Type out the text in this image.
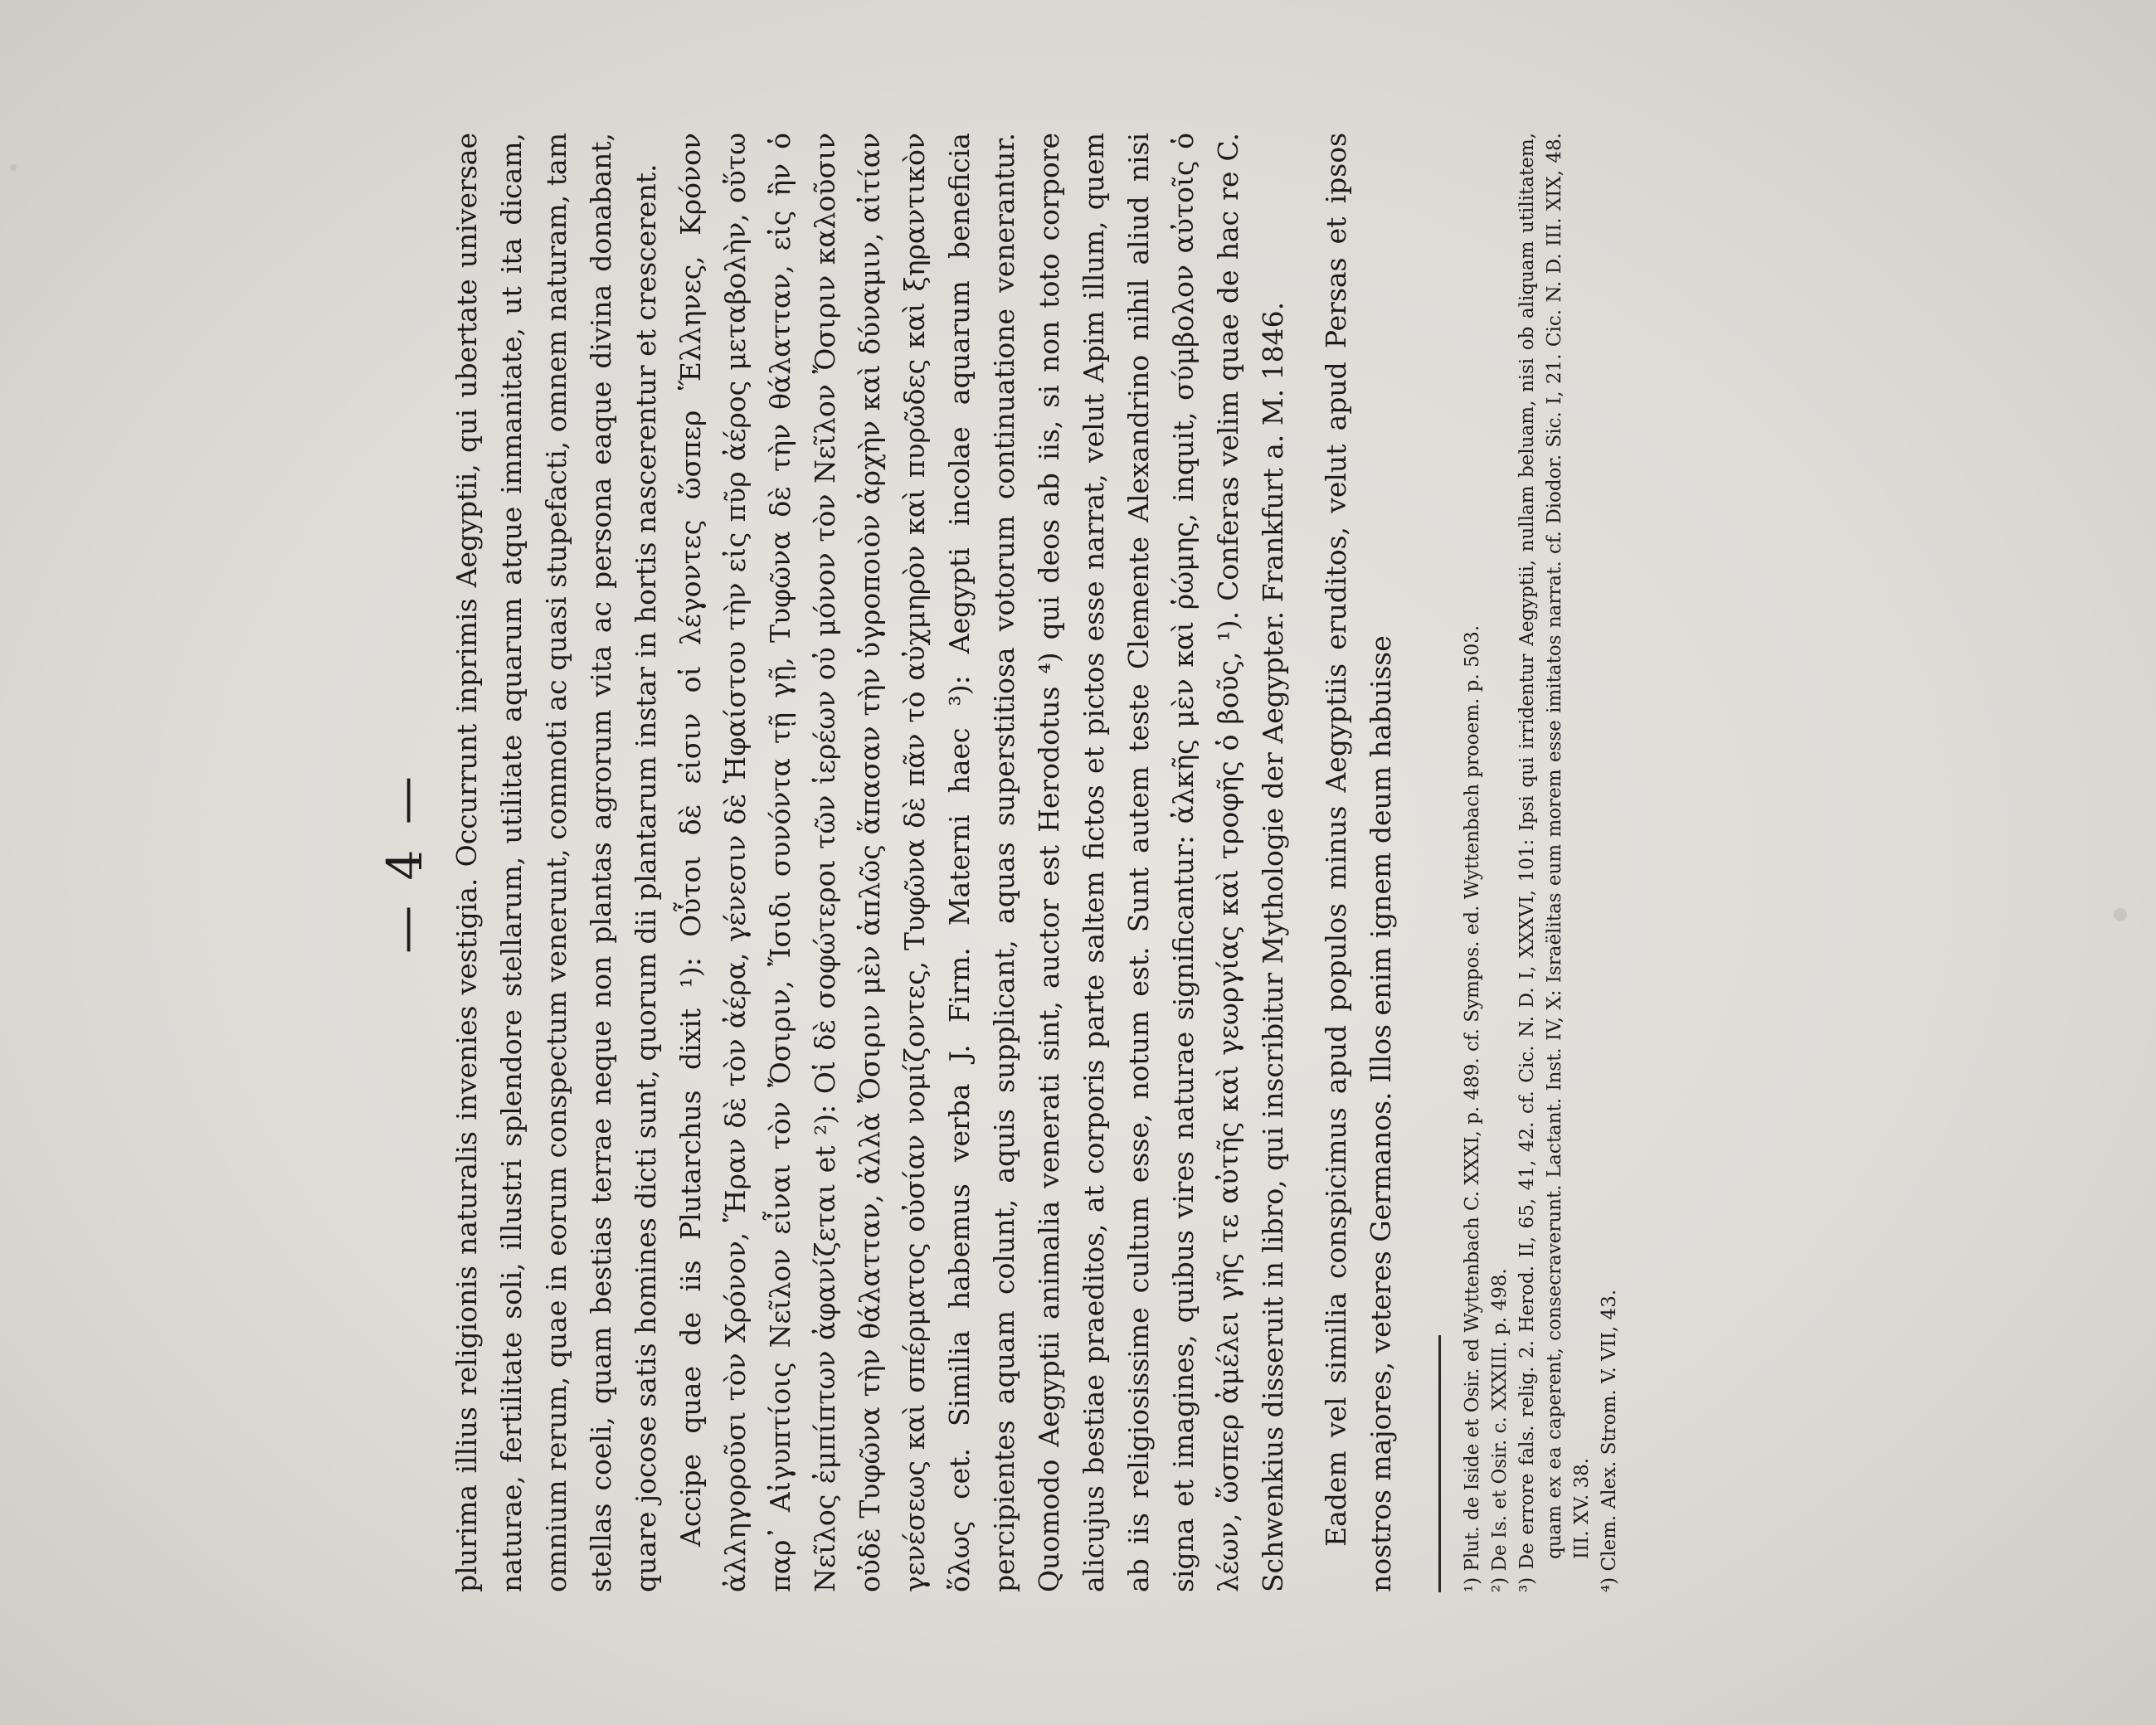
— 4 — plurima illius religionis naturalis invenies vestigia. Occurrunt inprimis Aegyptii, qui ubertate universae naturae, fertilitate soli, illustri splendore stellarum, utilitate aquarum atque immanitate, ut ita dicam, omnium rerum, quae in eorum conspectum venerunt, commoti ac quasi stupefacti, omnem naturam, tam stellas coeli, quam bestias terrae neque non plantas agrorum vita ac persona eaque divina donabant, quare jocose satis homines dicti sunt, quorum dii plantarum instar in hortis nascerentur et crescerent. Accipe quae de iis Plutarchus dixit ¹): Οὗτοι δὲ εἰσιν οἱ λέγοντες ὥσπερ Ἕλληνες, Κρόνον ἀλληγοροῦσι τὸν Χρόνον, Ἥραν δὲ τὸν ἀέρα, γένεσιν δὲ Ἡφαίστου τὴν εἰς πῦρ ἀέρος μεταβολὴν, οὕτω παρ᾽ Αἰγυπτίοις Νεῖλον εἶναι τὸν Ὄσιριν, Ἴσιδι συνόντα τῇ γῇ, Τυφῶνα δὲ τὴν θάλατταν, εἰς ἣν ὁ Νεῖλος ἐμπίπτων ἀφανίζεται et ²): Οἱ δὲ σοφώτεροι τῶν ἱερέων οὐ μόνον τὸν Νεῖλον Ὄσιριν καλοῦσιν οὐδὲ Τυφῶνα τὴν θάλατταν, ἀλλὰ Ὄσιριν μὲν ἁπλῶς ἅπασαν τὴν ὑγροποιὸν ἀρχὴν καὶ δύναμιν, αἰτίαν γενέσεως καὶ σπέρματος οὐσίαν νομίζοντες, Τυφῶνα δὲ πᾶν τὸ αὐχμηρὸν καὶ πυρῶδες καὶ ξηραντικὸν ὅλως cet. Similia habemus verba J. Firm. Materni haec ³): Aegypti incolae aquarum beneficia percipientes aquam colunt, aquis supplicant, aquas superstitiosa votorum continuatione venerantur. Quomodo Aegyptii animalia venerati sint, auctor est Herodotus ⁴) qui deos ab iis, si non toto corpore alicujus bestiae praeditos, at corporis parte saltem fictos et pictos esse narrat, velut Apim illum, quem ab iis religiosissime cultum esse, notum est. Sunt autem teste Clemente Alexandrino nihil aliud nisi signa et imagines, quibus vires naturae significantur: ἀλκῆς μὲν καὶ ῥώμης, inquit, σύμβολον αὐτοῖς ὁ λέων, ὥσπερ ἀμέλει γῆς τε αὐτῆς καὶ γεωργίας καὶ τροφῆς ὁ βοῦς, ¹). Conferas velim quae de hac re C. Schwenkius disseruit in libro, qui inscribitur Mythologie der Aegypter. Frankfurt a. M. 1846. Eadem vel similia conspicimus apud populos minus Aegyptiis eruditos, velut apud Persas et ipsos nostros majores, veteres Germanos. Illos enim ignem deum habuisse	¹) Plut. de Iside et Osir. ed Wyttenbach C. XXXI, p. 489. cf. Sympos. ed. Wyttenbach prooem. p. 503. ²) De Is. et Osir. c. XXXIII. p. 498. ³) De errore fals. relig. 2. Herod. II, 65, 41, 42. cf. Cic. N. D. I, XXXVI, 101: Ipsi qui irridentur Aegyptii, nullam beluam, nisi ob aliquam utilitatem, quam ex ea caperent, consecraverunt. Lactant. Inst. IV, X: Israëlitas eum morem esse imitatos narrat. cf. Diodor. Sic. I, 21. Cic. N. D. III. XIX, 48. III. XV. 38. ⁴) Clem. Alex. Strom. V. VII, 43.
